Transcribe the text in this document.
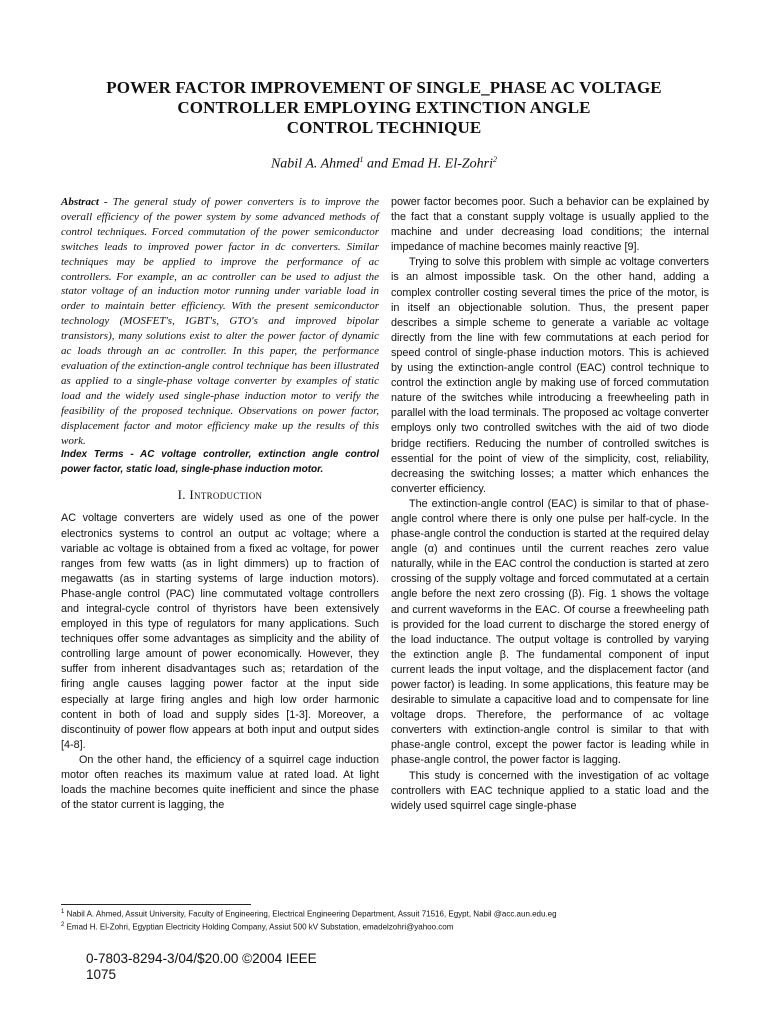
POWER FACTOR IMPROVEMENT OF SINGLE_PHASE AC VOLTAGE
CONTROLLER EMPLOYING EXTINCTION ANGLE
CONTROL TECHNIQUE
Nabil A. Ahmed$^1$ and Emad H. El-Zohri$^2$

Abstract - The general study of power converters is to improve the overall efficiency of the power system by some advanced methods of control techniques. Forced commutation of the power semiconductor switches leads to improved power factor in dc converters. Similar techniques may be applied to improve the performance of ac controllers. For example, an ac controller can be used to adjust the stator voltage of an induction motor running under variable load in order to maintain better efficiency. With the present semiconductor technology (MOSFET's, IGBT's, GTO's and improved bipolar transistors), many solutions exist to alter the power factor of dynamic ac loads through an ac controller. In this paper, the performance evaluation of the extinction-angle control technique has been illustrated as applied to a single-phase voltage converter by examples of static load and the widely used single-phase induction motor to verify the feasibility of the proposed technique. Observations on power factor, displacement factor and motor efficiency make up the results of this work.

Index Terms - AC voltage controller, extinction angle control power factor, static load, single-phase induction motor.

I. Introduction

AC voltage converters are widely used as one of the power electronics systems to control an output ac voltage; where a variable ac voltage is obtained from a fixed ac voltage, for power ranges from few watts (as in light dimmers) up to fraction of megawatts (as in starting systems of large induction motors). Phase-angle control (PAC) line commutated voltage controllers and integral-cycle control of thyristors have been extensively employed in this type of regulators for many applications. Such techniques offer some advantages as simplicity and the ability of controlling large amount of power economically. However, they suffer from inherent disadvantages such as; retardation of the firing angle causes lagging power factor at the input side especially at large firing angles and high low order harmonic content in both of load and supply sides [1-3]. Moreover, a discontinuity of power flow appears at both input and output sides [4-8].

On the other hand, the efficiency of a squirrel cage induction motor often reaches its maximum value at rated load. At light loads the machine becomes quite inefficient and since the phase of the stator current is lagging, the

power factor becomes poor. Such a behavior can be explained by the fact that a constant supply voltage is usually applied to the machine and under decreasing load conditions; the internal impedance of machine becomes mainly reactive [9].

Trying to solve this problem with simple ac voltage converters is an almost impossible task. On the other hand, adding a complex controller costing several times the price of the motor, is in itself an objectionable solution. Thus, the present paper describes a simple scheme to generate a variable ac voltage directly from the line with few commutations at each period for speed control of single-phase induction motors. This is achieved by using the extinction-angle control (EAC) control technique to control the extinction angle by making use of forced commutation nature of the switches while introducing a freewheeling path in parallel with the load terminals. The proposed ac voltage converter employs only two controlled switches with the aid of two diode bridge rectifiers. Reducing the number of controlled switches is essential for the point of view of the simplicity, cost, reliability, decreasing the switching losses; a matter which enhances the converter efficiency.

The extinction-angle control (EAC) is similar to that of phase-angle control where there is only one pulse per half-cycle. In the phase-angle control the conduction is started at the required delay angle (α) and continues until the current reaches zero value naturally, while in the EAC control the conduction is started at zero crossing of the supply voltage and forced commutated at a certain angle before the next zero crossing (β). Fig. 1 shows the voltage and current waveforms in the EAC. Of course a freewheeling path is provided for the load current to discharge the stored energy of the load inductance. The output voltage is controlled by varying the extinction angle β. The fundamental component of input current leads the input voltage, and the displacement factor (and power factor) is leading. In some applications, this feature may be desirable to simulate a capacitive load and to compensate for line voltage drops. Therefore, the performance of ac voltage converters with extinction-angle control is similar to that with phase-angle control, except the power factor is leading while in phase-angle control, the power factor is lagging.

This study is concerned with the investigation of ac voltage controllers with EAC technique applied to a static load and the widely used squirrel cage single-phase

$^1$ Nabil A. Ahmed, Assuit University, Faculty of Engineering, Electrical Engineering Department, Assuit 71516, Egypt, Nabil @acc.aun.edu.eg
$^2$ Emad H. El-Zohri, Egyptian Electricity Holding Company, Assiut 500 kV Substation, emadelzohri@yahoo.com
0-7803-8294-3/04/$20.00 ©2004 IEEE
1075
